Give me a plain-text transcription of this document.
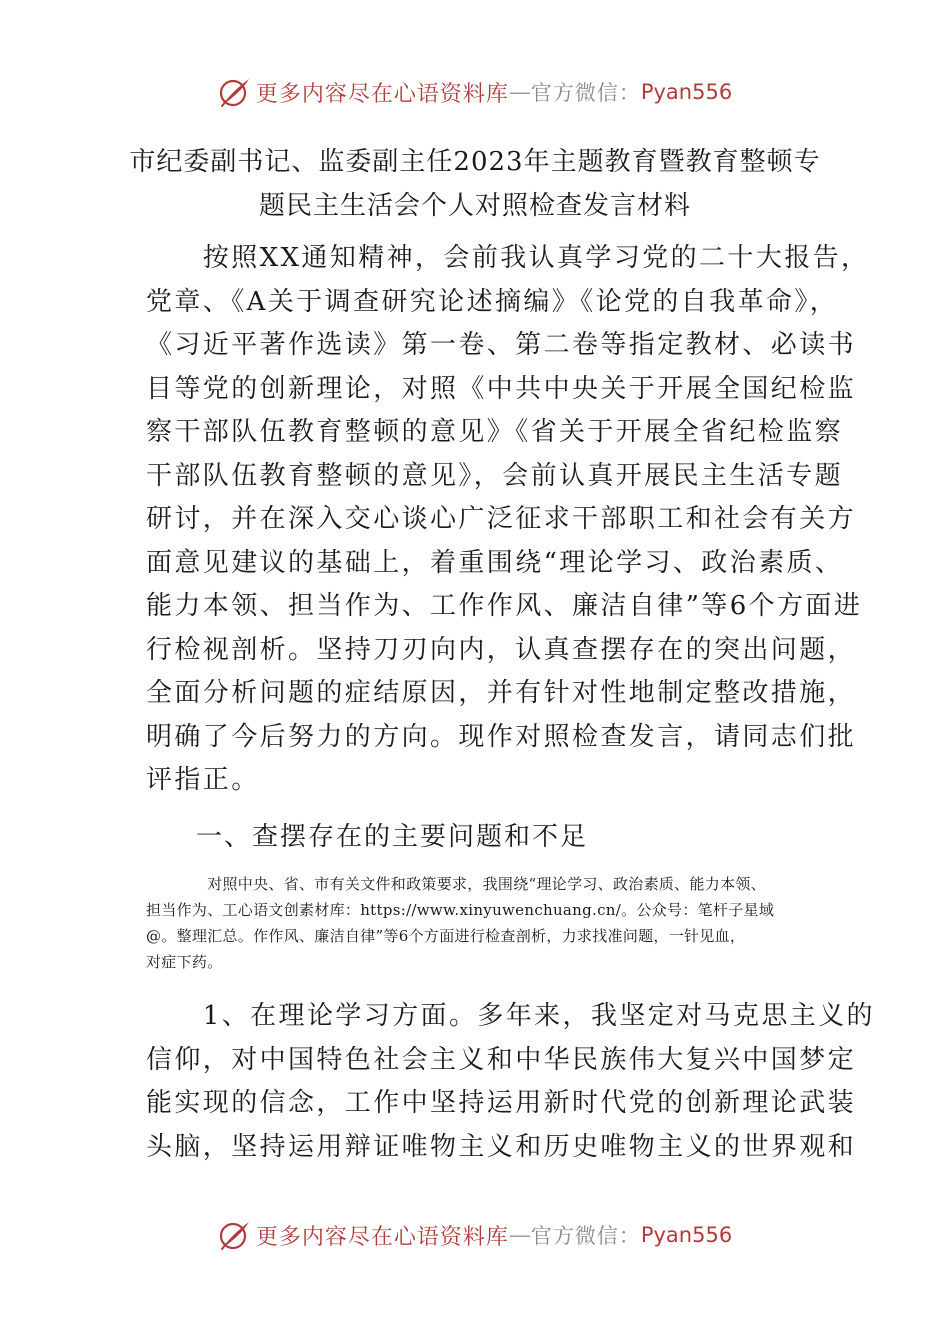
更多内容尽在心语资料库 — 官方微信： Pyan556
市纪委副书记、监委副主任2023年主题教育暨教育整顿专
题民主生活会个人对照检查发言材料
　　按照XX通知精神，会前我认真学习党的二十大报告，
党章、《A关于调查研究论述摘编》《论党的自我革命》，
《习近平著作选读》第一卷、第二卷等指定教材、必读书
目等党的创新理论，对照《中共中央关于开展全国纪检监
察干部队伍教育整顿的意见》《省关于开展全省纪检监察
干部队伍教育整顿的意见》，会前认真开展民主生活专题
研讨，并在深入交心谈心广泛征求干部职工和社会有关方
面意见建议的基础上，着重围绕“理论学习、政治素质、
能力本领、担当作为、工作作风、廉洁自律”等6个方面进
行检视剖析。坚持刀刃向内，认真查摆存在的突出问题，
全面分析问题的症结原因，并有针对性地制定整改措施，
明确了今后努力的方向。现作对照检查发言，请同志们批
评指正。
一、查摆存在的主要问题和不足
　　　　对照中央、省、市有关文件和政策要求，我围绕“理论学习、政治素质、能力本领、
担当作为、工心语文创素材库：https://www.xinyuwenchuang.cn/。公众号：笔杆子星域
@。整理汇总。作作风、廉洁自律”等6个方面进行检查剖析，力求找准问题，一针见血，
对症下药。
　　1、在理论学习方面。多年来，我坚定对马克思主义的
信仰，对中国特色社会主义和中华民族伟大复兴中国梦定
能实现的信念，工作中坚持运用新时代党的创新理论武装
头脑，坚持运用辩证唯物主义和历史唯物主义的世界观和
更多内容尽在心语资料库 — 官方微信： Pyan556
